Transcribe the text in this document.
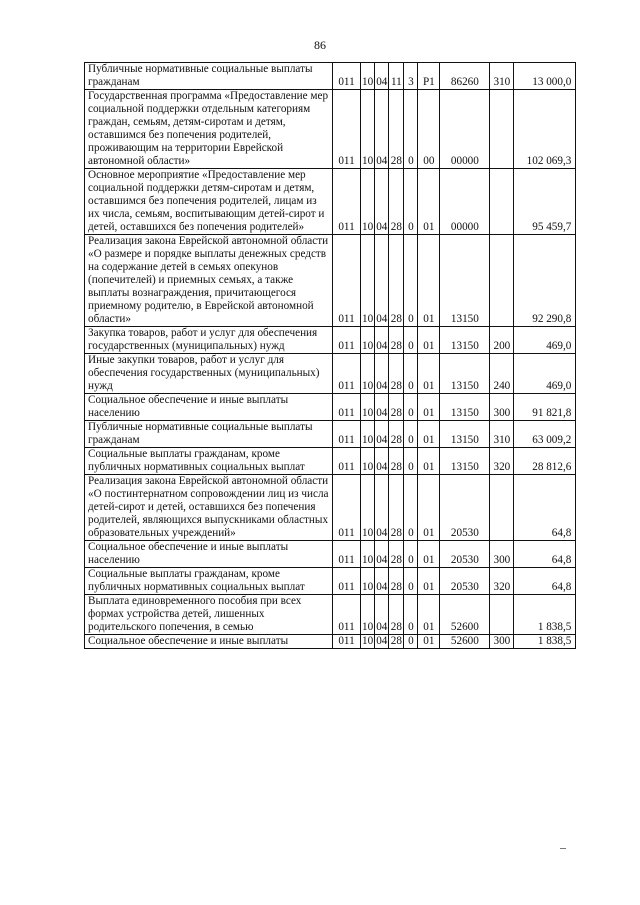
86
Публичные нормативные социальные выплаты гражданам	011	10	04	11	3	Р1	86260	310	13 000,0
Государственная программа «Предоставление мер социальной поддержки отдельным категориям граждан, семьям, детям-сиротам и детям, оставшимся без попечения родителей, проживающим на территории Еврейской автономной области»	011	10	04	28	0	00	00000		102 069,3
Основное мероприятие «Предоставление мер социальной поддержки детям-сиротам и детям, оставшимся без попечения родителей, лицам из их числа, семьям, воспитывающим детей-сирот и детей, оставшихся без попечения родителей»	011	10	04	28	0	01	00000		95 459,7
Реализация закона Еврейской автономной области «О размере и порядке выплаты денежных средств на содержание детей в семьях опекунов (попечителей) и приемных семьях, а также выплаты вознаграждения, причитающегося приемному родителю, в Еврейской автономной области»	011	10	04	28	0	01	13150		92 290,8
Закупка товаров, работ и услуг для обеспечения государственных (муниципальных) нужд	011	10	04	28	0	01	13150	200	469,0
Иные закупки товаров, работ и услуг для обеспечения государственных (муниципальных) нужд	011	10	04	28	0	01	13150	240	469,0
Социальное обеспечение и иные выплаты населению	011	10	04	28	0	01	13150	300	91 821,8
Публичные нормативные социальные выплаты гражданам	011	10	04	28	0	01	13150	310	63 009,2
Социальные выплаты гражданам, кроме публичных нормативных социальных выплат	011	10	04	28	0	01	13150	320	28 812,6
Реализация закона Еврейской автономной области «О постинтернатном сопровождении лиц из числа детей-сирот и детей, оставшихся без попечения родителей, являющихся выпускниками областных образовательных учреждений»	011	10	04	28	0	01	20530		64,8
Социальное обеспечение и иные выплаты населению	011	10	04	28	0	01	20530	300	64,8
Социальные выплаты гражданам, кроме публичных нормативных социальных выплат	011	10	04	28	0	01	20530	320	64,8
Выплата единовременного пособия при всех формах устройства детей, лишенных родительского попечения, в семью	011	10	04	28	0	01	52600		1 838,5
Социальное обеспечение и иные выплаты	011	10	04	28	0	01	52600	300	1 838,5
